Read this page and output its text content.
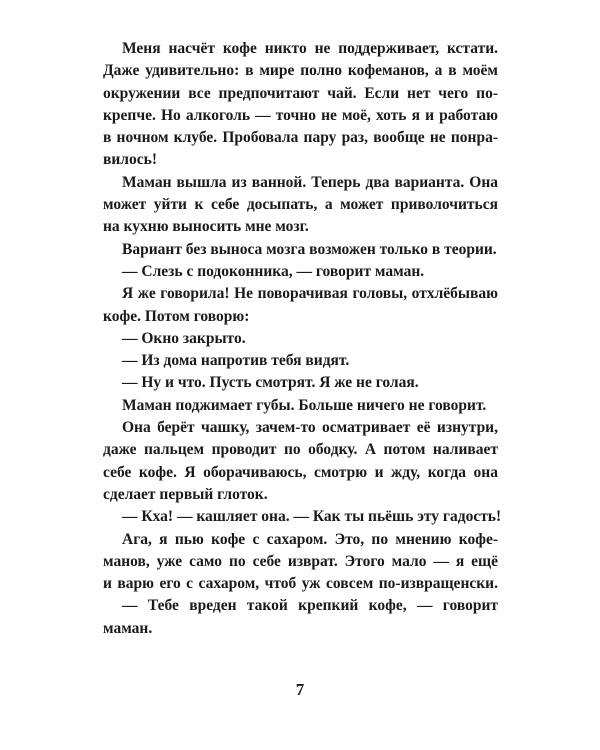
Меня насчёт кофе никто не поддерживает, кстати.
Даже удивительно: в мире полно кофеманов, а в моём
окружении все предпочитают чай. Если нет чего по-
крепче. Но алкоголь — точно не моё, хоть я и работаю
в ночном клубе. Пробовала пару раз, вообще не понра-
вилось!
Маман вышла из ванной. Теперь два варианта. Она
может уйти к себе досыпать, а может приволочиться
на кухню выносить мне мозг.
Вариант без выноса мозга возможен только в теории.
— Слезь с подоконника, — говорит маман.
Я же говорила! Не поворачивая головы, отхлёбываю
кофе. Потом говорю:
— Окно закрыто.
— Из дома напротив тебя видят.
— Ну и что. Пусть смотрят. Я же не голая.
Маман поджимает губы. Больше ничего не говорит.
Она берёт чашку, зачем-то осматривает её изнутри,
даже пальцем проводит по ободку. А потом наливает
себе кофе. Я оборачиваюсь, смотрю и жду, когда она
сделает первый глоток.
— Кха! — кашляет она. — Как ты пьёшь эту гадость!
Ага, я пью кофе с сахаром. Это, по мнению кофе-
манов, уже само по себе изврат. Этого мало — я ещё
и варю его с сахаром, чтоб уж совсем по-извращенски.
— Тебе вреден такой крепкий кофе, — говорит
маман.
7
